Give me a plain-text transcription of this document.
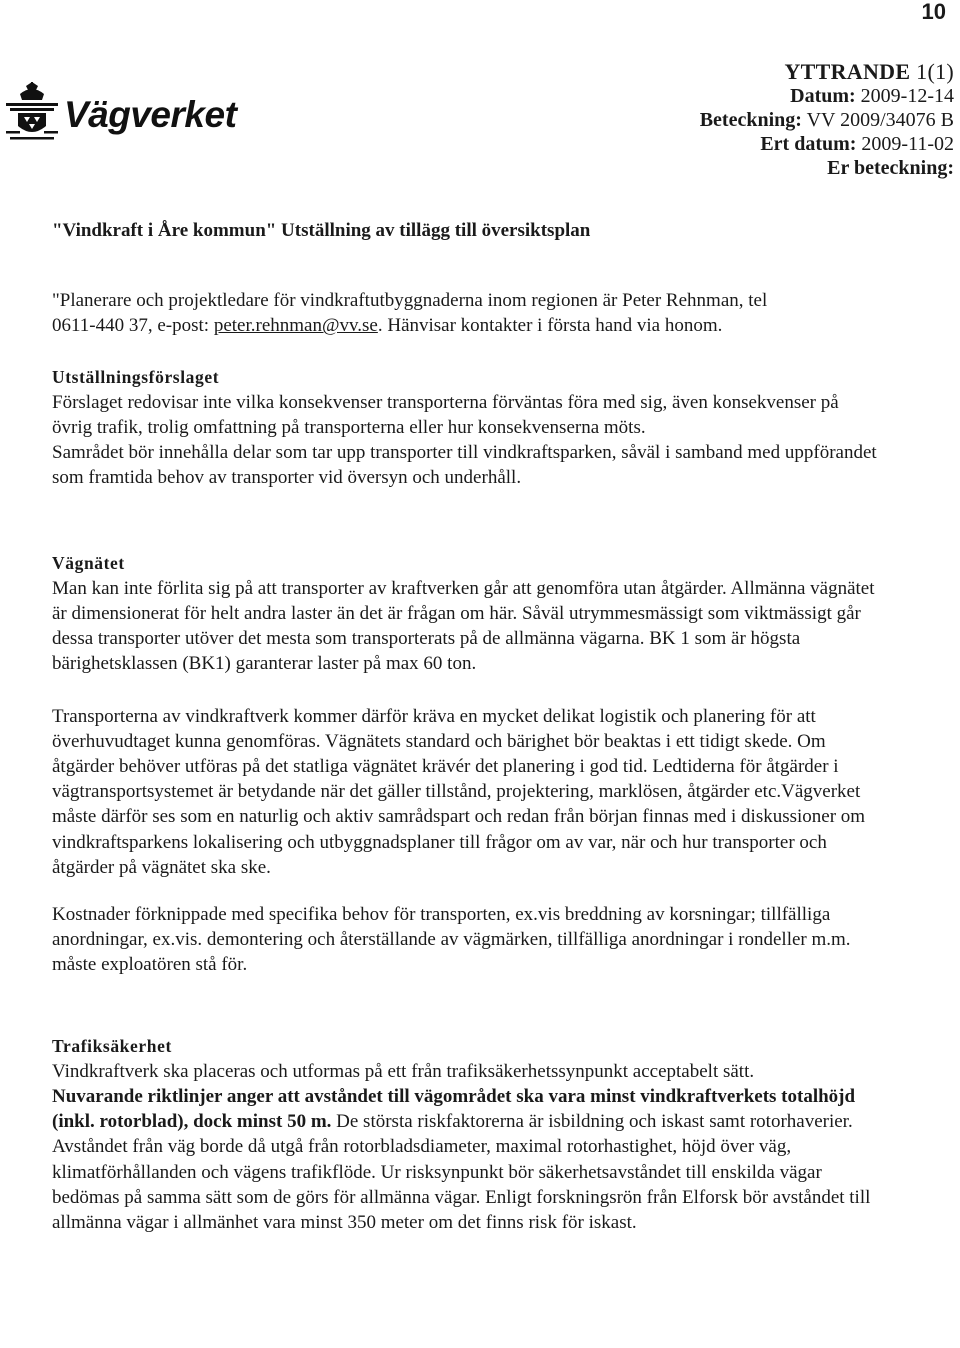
10
Vägverket
YTTRANDE 1(1)
Datum: 2009-12-14
Beteckning: VV 2009/34076 B
Ert datum: 2009-11-02
Er beteckning:

"Vindkraft i Åre kommun" Utställning av tillägg till översiktsplan

"Planerare och projektledare för vindkraftutbyggnaderna inom regionen är Peter Rehnman, tel
0611-440 37, e-post: peter.rehnman@vv.se. Hänvisar kontakter i första hand via honom.

Utställningsförslaget

Förslaget redovisar inte vilka konsekvenser transporterna förväntas föra med sig, även konsekvenser på övrig trafik, trolig omfattning på transporterna eller hur konsekvenserna möts.

Samrådet bör innehålla delar som tar upp transporter till vindkraftsparken, såväl i samband med uppförandet som framtida behov av transporter vid översyn och underhåll.

Vägnätet

Man kan inte förlita sig på att transporter av kraftverken går att genomföra utan åtgärder. Allmänna vägnätet är dimensionerat för helt andra laster än det är frågan om här. Såväl utrymmesmässigt som viktmässigt går dessa transporter utöver det mesta som transporterats på de allmänna vägarna. BK 1 som är högsta bärighetsklassen (BK1) garanterar laster på max 60 ton.

Transporterna av vindkraftverk kommer därför kräva en mycket delikat logistik och planering för att överhuvudtaget kunna genomföras. Vägnätets standard och bärighet bör beaktas i ett tidigt skede. Om åtgärder behöver utföras på det statliga vägnätet krävér det planering i god tid. Ledtiderna för åtgärder i vägtransportsystemet är betydande när det gäller tillstånd, projektering, marklösen, åtgärder etc.Vägverket måste därför ses som en naturlig och aktiv samrådspart och redan från början finnas med i diskussioner om vindkraftsparkens lokalisering och utbyggnadsplaner till frågor om av var, när och hur transporter och åtgärder på vägnätet ska ske.

Kostnader förknippade med specifika behov för transporten, ex.vis breddning av korsningar; tillfälliga anordningar, ex.vis. demontering och återställande av vägmärken, tillfälliga anordningar i rondeller m.m. måste exploatören stå för.

Trafiksäkerhet

Vindkraftverk ska placeras och utformas på ett från trafiksäkerhetssynpunkt acceptabelt sätt.

Nuvarande riktlinjer anger att avståndet till vägområdet ska vara minst vindkraftverkets totalhöjd (inkl. rotorblad), dock minst 50 m. De största riskfaktorerna är isbildning och iskast samt rotorhaverier. Avståndet från väg borde då utgå från rotorbladsdiameter, maximal rotorhastighet, höjd över väg, klimatförhållanden och vägens trafikflöde. Ur risksynpunkt bör säkerhetsavståndet till enskilda vägar bedömas på samma sätt som de görs för allmänna vägar. Enligt forskningsrön från Elforsk bör avståndet till allmänna vägar i allmänhet vara minst 350 meter om det finns risk för iskast.
